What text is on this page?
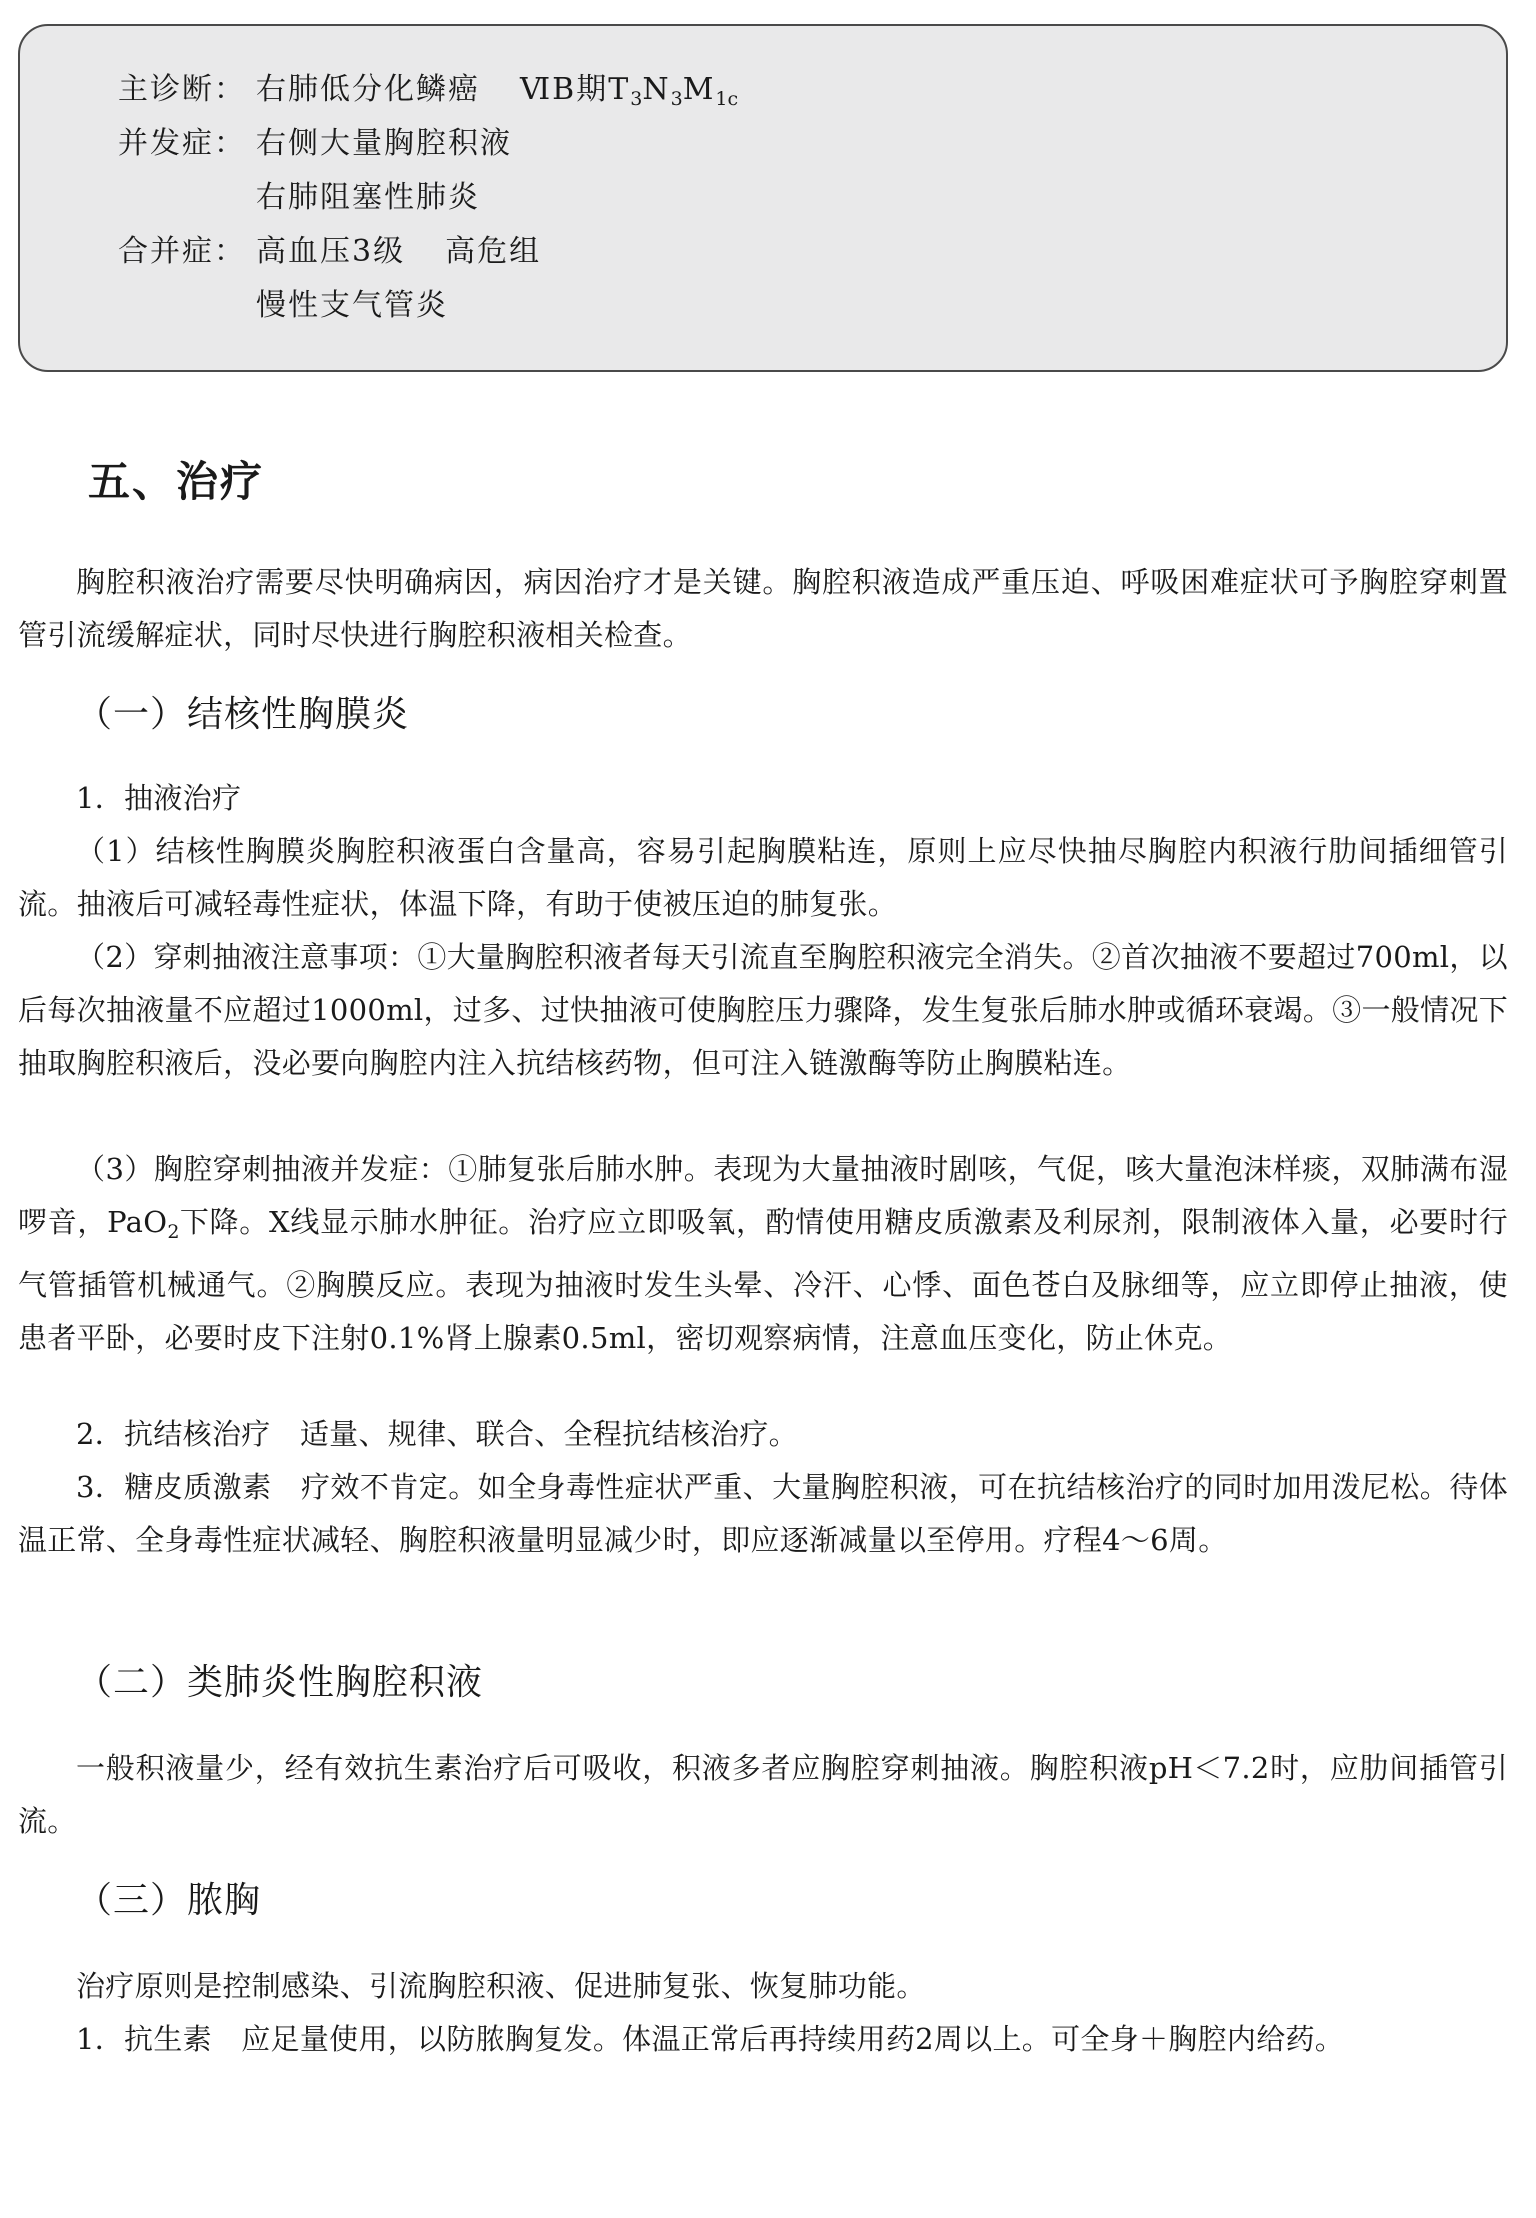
主诊断： 右肺低分化鳞癌 ⅥB期$T_3N_3M_{1c}$
并发症： 右侧大量胸腔积液
右肺阻塞性肺炎
合并症： 高血压3级 高危组
慢性支气管炎
五、治疗

胸腔积液治疗需要尽快明确病因，病因治疗才是关键。胸腔积液造成严重压迫、呼吸困难症状可予胸腔穿刺置管引流缓解症状，同时尽快进行胸腔积液相关检查。

（一）结核性胸膜炎

1．抽液治疗

（1）结核性胸膜炎胸腔积液蛋白含量高，容易引起胸膜粘连，原则上应尽快抽尽胸腔内积液行肋间插细管引流。抽液后可减轻毒性症状，体温下降，有助于使被压迫的肺复张。

（2）穿刺抽液注意事项：①大量胸腔积液者每天引流直至胸腔积液完全消失。②首次抽液不要超过700ml，以后每次抽液量不应超过1000ml，过多、过快抽液可使胸腔压力骤降，发生复张后肺水肿或循环衰竭。③一般情况下抽取胸腔积液后，没必要向胸腔内注入抗结核药物，但可注入链激酶等防止胸膜粘连。

（3）胸腔穿刺抽液并发症：①肺复张后肺水肿。表现为大量抽液时剧咳，气促，咳大量泡沫样痰，双肺满布湿啰音，PaO$_2$下降。X线显示肺水肿征。治疗应立即吸氧，酌情使用糖皮质激素及利尿剂，限制液体入量，必要时行气管插管机械通气。②胸膜反应。表现为抽液时发生头晕、冷汗、心悸、面色苍白及脉细等，应立即停止抽液，使患者平卧，必要时皮下注射0.1%肾上腺素0.5ml，密切观察病情，注意血压变化，防止休克。

2．抗结核治疗　适量、规律、联合、全程抗结核治疗。

3．糖皮质激素　疗效不肯定。如全身毒性症状严重、大量胸腔积液，可在抗结核治疗的同时加用泼尼松。待体温正常、全身毒性症状减轻、胸腔积液量明显减少时，即应逐渐减量以至停用。疗程4～6周。

（二）类肺炎性胸腔积液

一般积液量少，经有效抗生素治疗后可吸收，积液多者应胸腔穿刺抽液。胸腔积液pH＜7.2时，应肋间插管引流。

（三）脓胸

治疗原则是控制感染、引流胸腔积液、促进肺复张、恢复肺功能。

1．抗生素　应足量使用，以防脓胸复发。体温正常后再持续用药2周以上。可全身＋胸腔内给药。
